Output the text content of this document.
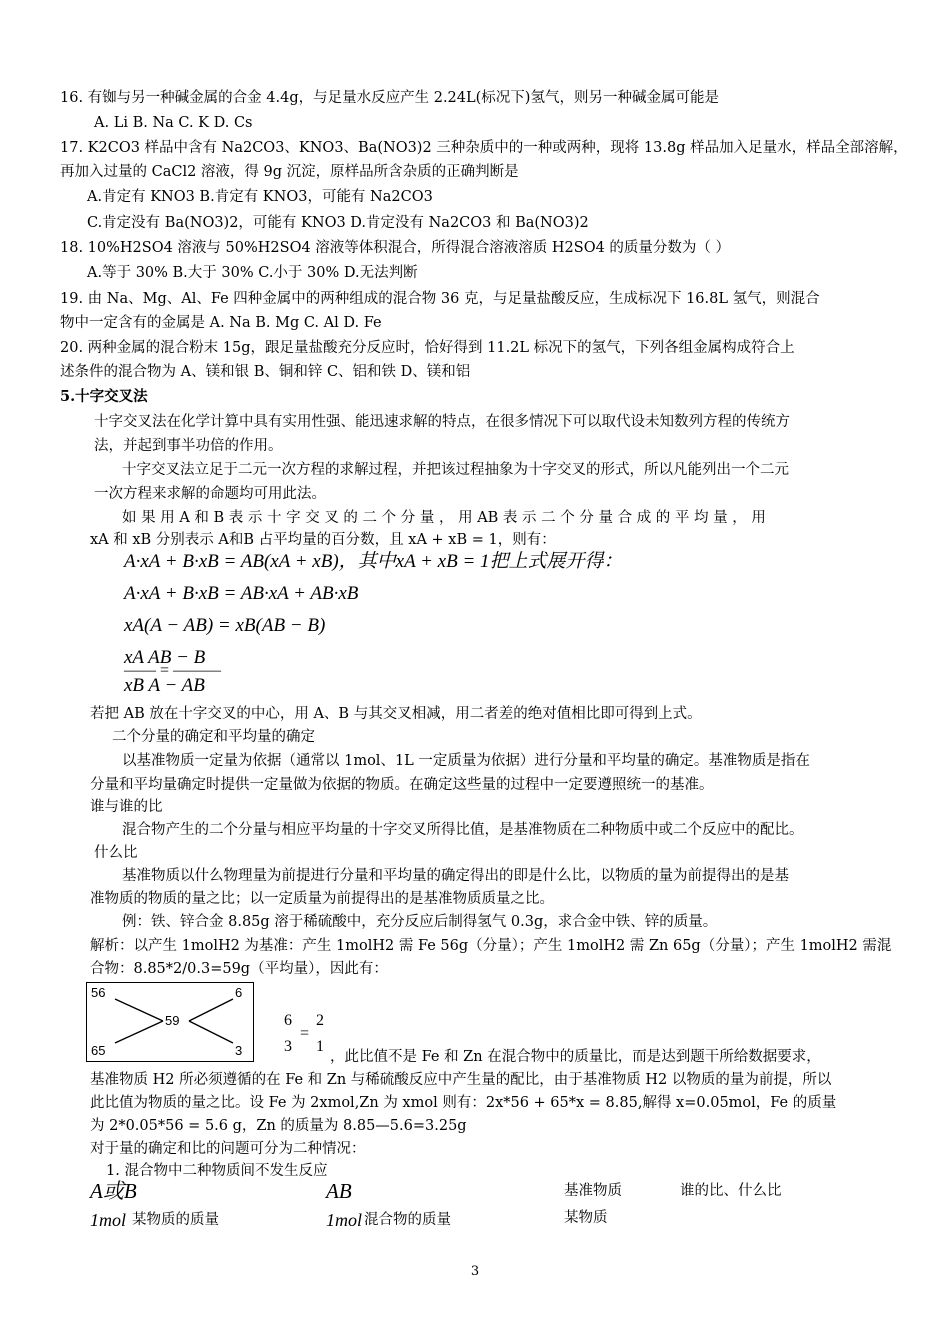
16. 有铷与另一种碱金属的合金 4.4g，与足量水反应产生 2.24L(标况下)氢气，则另一种碱金属可能是
A. Li B. Na C. K D. Cs
17. K2CO3 样品中含有 Na2CO3、KNO3、Ba(NO3)2 三种杂质中的一种或两种，现将 13.8g 样品加入足量水，样品全部溶解，
再加入过量的 CaCl2 溶液，得 9g 沉淀，原样品所含杂质的正确判断是
A.肯定有 KNO3 B.肯定有 KNO3，可能有 Na2CO3
C.肯定没有 Ba(NO3)2，可能有 KNO3 D.肯定没有 Na2CO3 和 Ba(NO3)2
18. 10%H2SO4 溶液与 50%H2SO4 溶液等体积混合，所得混合溶液溶质 H2SO4 的质量分数为（ ）
A.等于 30% B.大于 30% C.小于 30% D.无法判断
19. 由 Na、Mg、Al、Fe 四种金属中的两种组成的混合物 36 克，与足量盐酸反应，生成标况下 16.8L 氢气，则混合
物中一定含有的金属是 A. Na B. Mg C. Al D. Fe
20. 两种金属的混合粉末 15g，跟足量盐酸充分反应时，恰好得到 11.2L 标况下的氢气，下列各组金属构成符合上
述条件的混合物为 A、镁和银 B、铜和锌 C、铝和铁 D、镁和铝
5.十字交叉法
十字交叉法在化学计算中具有实用性强、能迅速求解的特点，在很多情况下可以取代设未知数列方程的传统方
法，并起到事半功倍的作用。
十字交叉法立足于二元一次方程的求解过程，并把该过程抽象为十字交叉的形式，所以凡能列出一个二元
一次方程来求解的命题均可用此法。
如 果 用 A 和 B 表 示 十 字 交 叉 的 二 个 分 量 ， 用 AB 表 示 二 个 分 量 合 成 的 平 均 量 ， 用
xA 和 xB 分别表示 A和B 占平均量的百分数，且 xA + xB = 1，则有：
A·xA + B·xB = AB(xA + xB)，其中xA + xB = 1把上式展开得：
A·xA + B·xB = AB·xA + AB·xB
xA(A − AB) = xB(AB − B)
xA AB − B
—— = ———
xB A − AB
若把 AB 放在十字交叉的中心，用 A、B 与其交叉相减，用二者差的绝对值相比即可得到上式。
二个分量的确定和平均量的确定
以基准物质一定量为依据（通常以 1mol、1L 一定质量为依据）进行分量和平均量的确定。基准物质是指在
分量和平均量确定时提供一定量做为依据的物质。在确定这些量的过程中一定要遵照统一的基准。
谁与谁的比
混合物产生的二个分量与相应平均量的十字交叉所得比值，是基准物质在二种物质中或二个反应中的配比。
什么比
基准物质以什么物理量为前提进行分量和平均量的确定得出的即是什么比，以物质的量为前提得出的是基
准物质的物质的量之比；以一定质量为前提得出的是基准物质质量之比。
例：铁、锌合金 8.85g 溶于稀硫酸中，充分反应后制得氢气 0.3g，求合金中铁、锌的质量。
解析：以产生 1molH2 为基准：产生 1molH2 需 Fe 56g（分量）；产生 1molH2 需 Zn 65g（分量）；产生 1molH2 需混
合物：8.85*2/0.3=59g（平均量），因此有：
56
59
6
65	3
6
3
=
2
1
，此比值不是 Fe 和 Zn 在混合物中的质量比，而是达到题干所给数据要求，
基准物质 H2 所必须遵循的在 Fe 和 Zn 与稀硫酸反应中产生量的配比，由于基准物质 H2 以物质的量为前提，所以
此比值为物质的量之比。设 Fe 为 2xmol,Zn 为 xmol 则有：2x*56 + 65*x = 8.85,解得 x=0.05mol，Fe 的质量
为 2*0.05*56 = 5.6 g，Zn 的质量为 8.85—5.6=3.25g
对于量的确定和比的问题可分为二种情况：
1. 混合物中二种物质间不发生反应
A或B	AB	基准物质	谁的比、什么比
1mol 某物质的质量	1mol 混合物的质量	某物质
3
